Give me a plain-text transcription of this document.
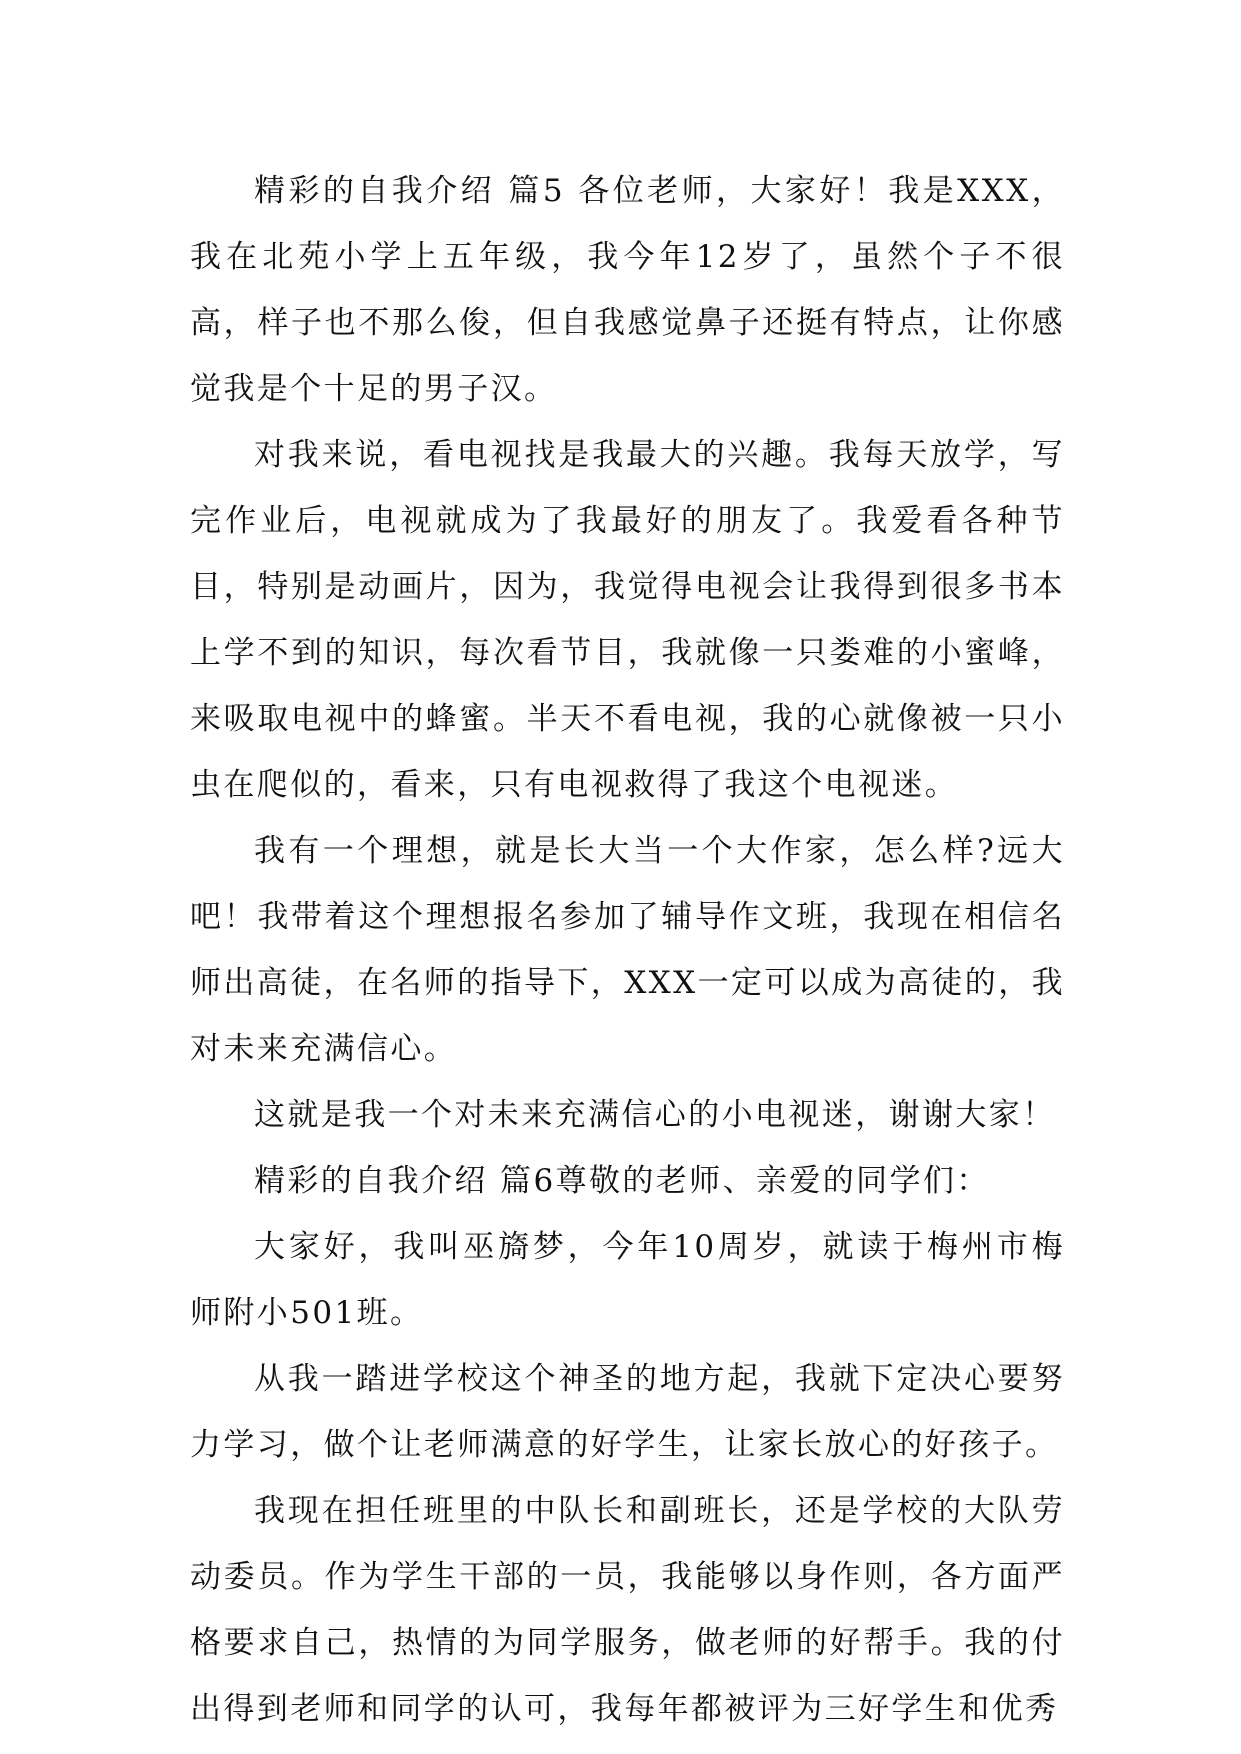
精彩的自我介绍 篇5 各位老师，大家好！我是XXX，我在北苑小学上五年级，我今年12岁了，虽然个子不很高，样子也不那么俊，但自我感觉鼻子还挺有特点，让你感觉我是个十足的男子汉。

对我来说，看电视找是我最大的兴趣。我每天放学，写完作业后，电视就成为了我最好的朋友了。我爱看各种节目，特别是动画片，因为，我觉得电视会让我得到很多书本上学不到的知识，每次看节目，我就像一只娄难的小蜜峰，来吸取电视中的蜂蜜。半天不看电视，我的心就像被一只小虫在爬似的，看来，只有电视救得了我这个电视迷。

我有一个理想，就是长大当一个大作家，怎么样?远大吧！我带着这个理想报名参加了辅导作文班，我现在相信名师出高徒，在名师的指导下，XXX一定可以成为高徒的，我对未来充满信心。

这就是我一个对未来充满信心的小电视迷，谢谢大家！

精彩的自我介绍 篇6尊敬的老师、亲爱的同学们：

大家好，我叫巫旖梦，今年10周岁，就读于梅州市梅师附小501班。

从我一踏进学校这个神圣的地方起，我就下定决心要努力学习，做个让老师满意的好学生，让家长放心的好孩子。

我现在担任班里的中队长和副班长，还是学校的大队劳动委员。作为学生干部的一员，我能够以身作则，各方面严格要求自己，热情的为同学服务，做老师的好帮手。我的付出得到老师和同学的认可，我每年都被评为三好学生和优秀
